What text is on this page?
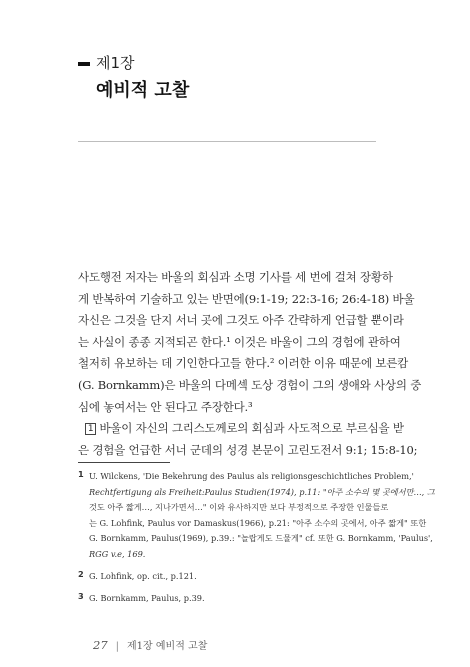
제1장
예비적 고찰
사도행전 저자는 바울의 회심과 소명 기사를 세 번에 걸쳐 장황하
게 반복하여 기술하고 있는 반면에(9:1-19; 22:3-16; 26:4-18) 바울
자신은 그것을 단지 서너 곳에 그것도 아주 간략하게 언급할 뿐이라
는 사실이 종종 지적되곤 한다.¹ 이것은 바울이 그의 경험에 관하여
철저히 유보하는 데 기인한다고들 한다.² 이러한 이유 때문에 보른캄
(G. Bornkamm)은 바울의 다메섹 도상 경험이 그의 생애와 사상의 중
심에 놓여서는 안 된다고 주장한다.³
1 바울이 자신의 그리스도께로의 회심과 사도적으로 부르심을 받
은 경험을 언급한 서너 군데의 성경 본문이 고린도전서 9:1; 15:8-10;
1 U. Wilckens, 'Die Bekehrung des Paulus als religionsgeschichtliches Problem,'
Rechtfertigung als Freiheit:Paulus Studien(1974), p.11: "아주 소수의 몇 곳에서만…, 그
것도 아주 짧게…, 지나가면서…" 이와 유사하지만 보다 부정적으로 주장한 인물들로
는 G. Lohfink, Paulus vor Damaskus(1966), p.21: "아주 소수의 곳에서, 아주 짧게" 또한
G. Bornkamm, Paulus(1969), p.39.: "놀랍게도 드물게" cf. 또한 G. Bornkamm, 'Paulus',
RGG v.e, 169.
2 G. Lohfink, op. cit., p.121.
3 G. Bornkamm, Paulus, p.39.
27 | 제1장 예비적 고찰
